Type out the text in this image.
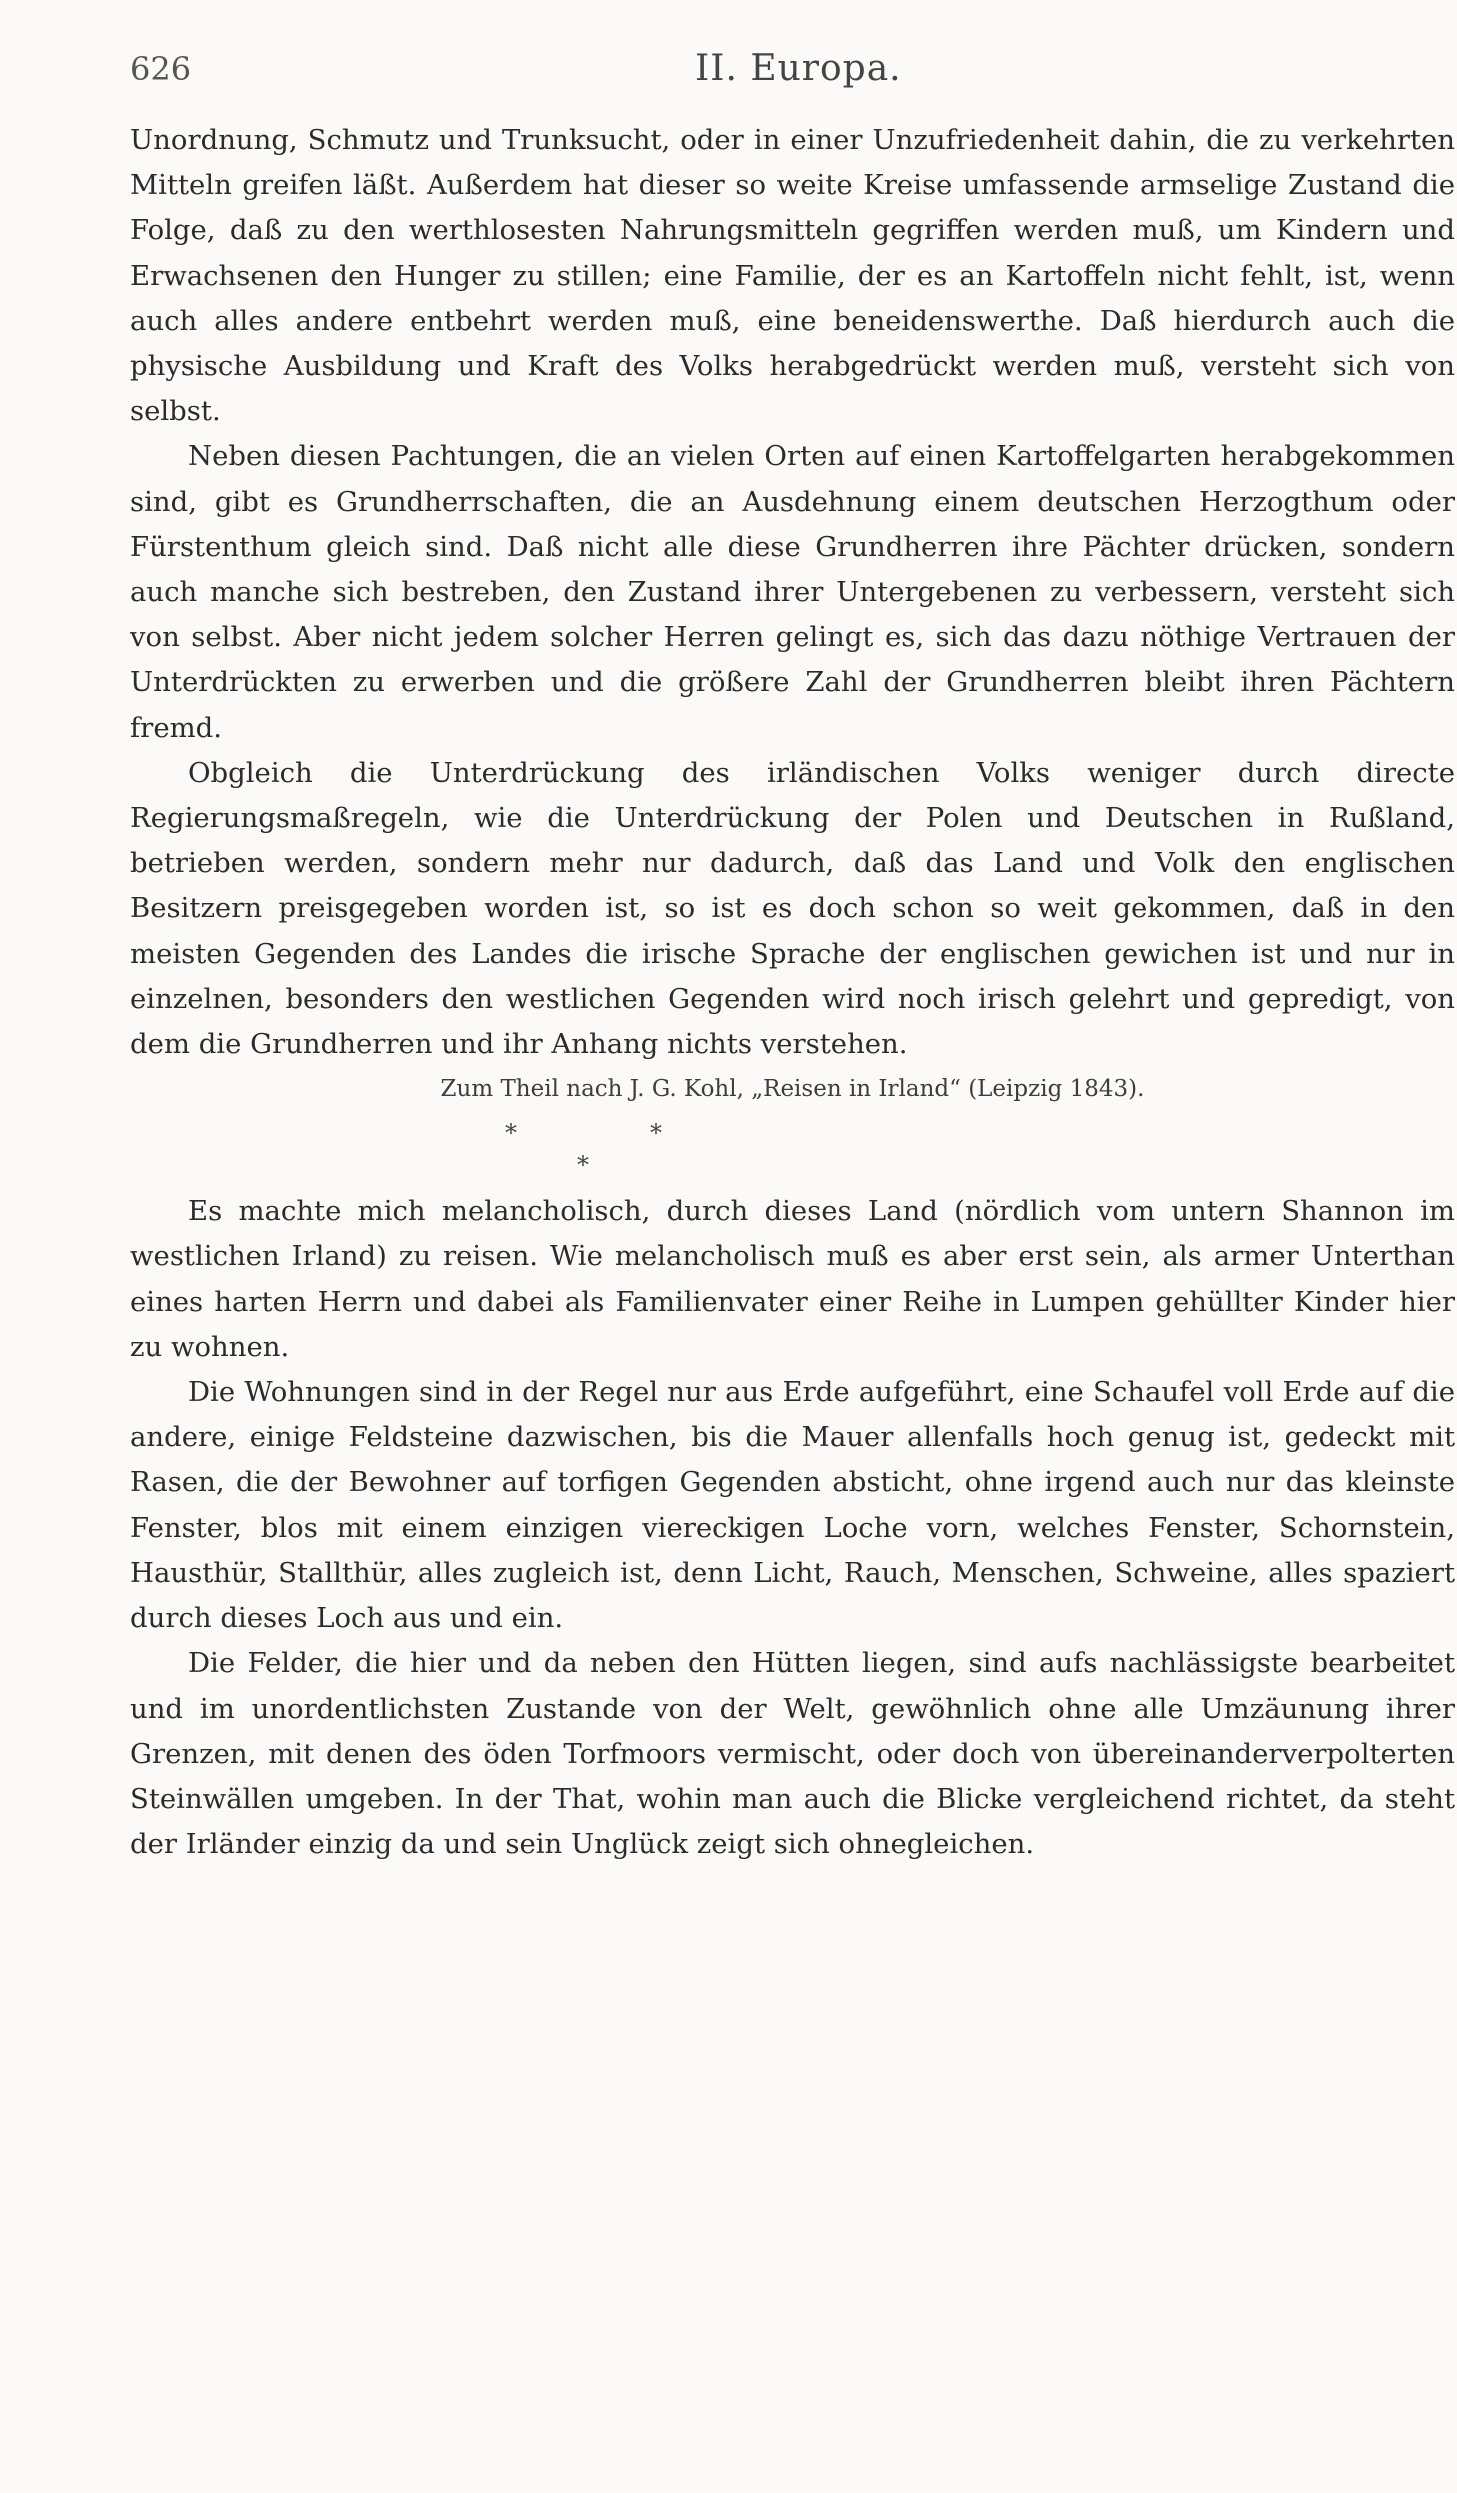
626	II. Europa.

Unordnung, Schmutz und Trunksucht, oder in einer Unzufriedenheit dahin, die zu verkehrten Mitteln greifen läßt. Außerdem hat dieser so weite Kreise umfassende armselige Zustand die Folge, daß zu den werthlosesten Nahrungsmitteln gegriffen werden muß, um Kindern und Erwachsenen den Hunger zu stillen; eine Familie, der es an Kartoffeln nicht fehlt, ist, wenn auch alles andere entbehrt werden muß, eine beneidenswerthe. Daß hierdurch auch die physische Ausbildung und Kraft des Volks herabgedrückt werden muß, versteht sich von selbst.

Neben diesen Pachtungen, die an vielen Orten auf einen Kartoffelgarten herabgekommen sind, gibt es Grundherrschaften, die an Ausdehnung einem deutschen Herzogthum oder Fürstenthum gleich sind. Daß nicht alle diese Grundherren ihre Pächter drücken, sondern auch manche sich bestreben, den Zustand ihrer Untergebenen zu verbessern, versteht sich von selbst. Aber nicht jedem solcher Herren gelingt es, sich das dazu nöthige Vertrauen der Unterdrückten zu erwerben und die größere Zahl der Grundherren bleibt ihren Pächtern fremd.

Obgleich die Unterdrückung des irländischen Volks weniger durch directe Regierungsmaßregeln, wie die Unterdrückung der Polen und Deutschen in Rußland, betrieben werden, sondern mehr nur dadurch, daß das Land und Volk den englischen Besitzern preisgegeben worden ist, so ist es doch schon so weit gekommen, daß in den meisten Gegenden des Landes die irische Sprache der englischen gewichen ist und nur in einzelnen, besonders den westlichen Gegenden wird noch irisch gelehrt und gepredigt, von dem die Grundherren und ihr Anhang nichts verstehen.

Zum Theil nach J. G. Kohl, „Reisen in Irland“ (Leipzig 1843).

*	*
*

Es machte mich melancholisch, durch dieses Land (nördlich vom untern Shannon im westlichen Irland) zu reisen. Wie melancholisch muß es aber erst sein, als armer Unterthan eines harten Herrn und dabei als Familienvater einer Reihe in Lumpen gehüllter Kinder hier zu wohnen.

Die Wohnungen sind in der Regel nur aus Erde aufgeführt, eine Schaufel voll Erde auf die andere, einige Feldsteine dazwischen, bis die Mauer allenfalls hoch genug ist, gedeckt mit Rasen, die der Bewohner auf torfigen Gegenden absticht, ohne irgend auch nur das kleinste Fenster, blos mit einem einzigen viereckigen Loche vorn, welches Fenster, Schornstein, Hausthür, Stallthür, alles zugleich ist, denn Licht, Rauch, Menschen, Schweine, alles spaziert durch dieses Loch aus und ein.

Die Felder, die hier und da neben den Hütten liegen, sind aufs nachlässigste bearbeitet und im unordentlichsten Zustande von der Welt, gewöhnlich ohne alle Umzäunung ihrer Grenzen, mit denen des öden Torfmoors vermischt, oder doch von übereinanderverpolterten Steinwällen umgeben. In der That, wohin man auch die Blicke vergleichend richtet, da steht der Irländer einzig da und sein Unglück zeigt sich ohnegleichen.
